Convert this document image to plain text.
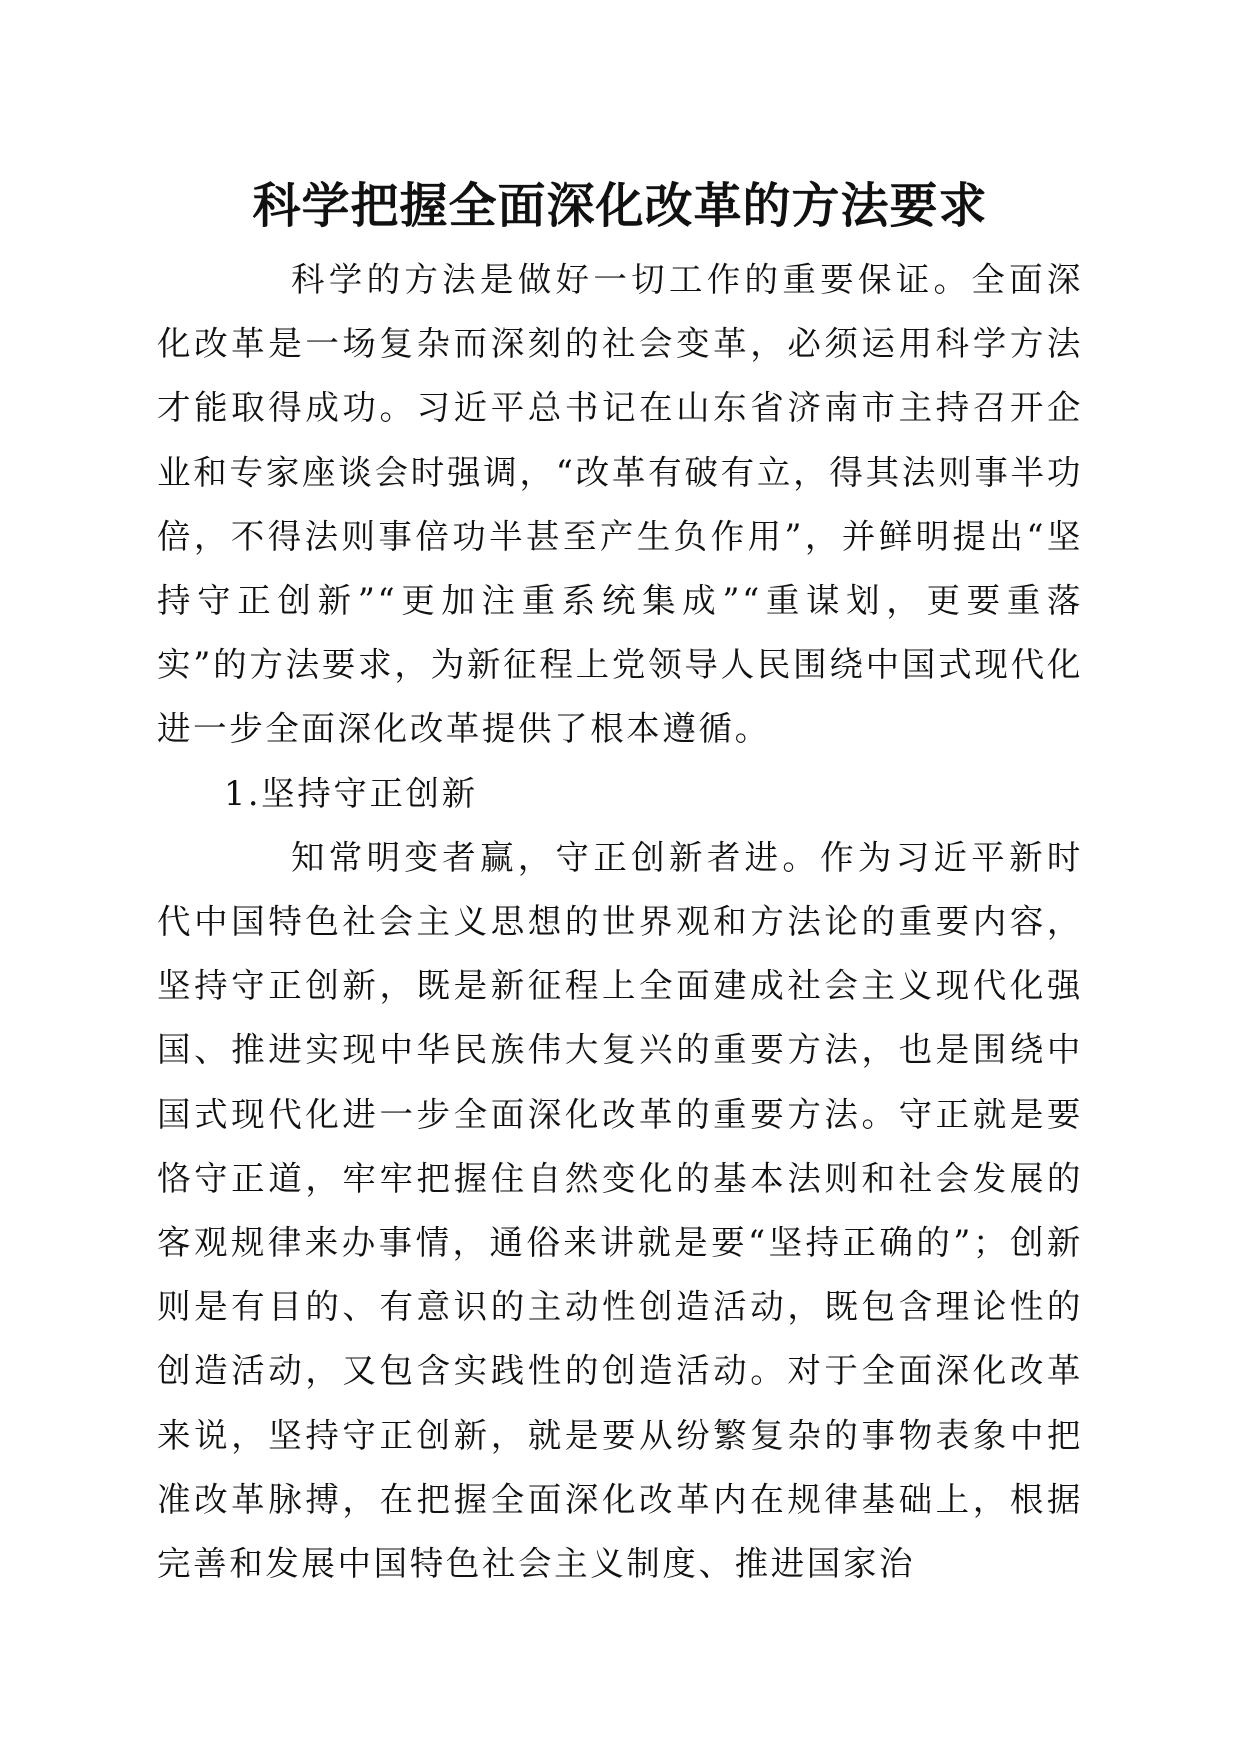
科学把握全面深化改革的方法要求

科学的方法是做好一切工作的重要保证。全面深化改革是一场复杂而深刻的社会变革，必须运用科学方法才能取得成功。习近平总书记在山东省济南市主持召开企业和专家座谈会时强调，“改革有破有立，得其法则事半功倍，不得法则事倍功半甚至产生负作用”，并鲜明提出“坚持守正创新”“更加注重系统集成”“重谋划，更要重落实”的方法要求，为新征程上党领导人民围绕中国式现代化进一步全面深化改革提供了根本遵循。

1.坚持守正创新

知常明变者赢，守正创新者进。作为习近平新时代中国特色社会主义思想的世界观和方法论的重要内容，坚持守正创新，既是新征程上全面建成社会主义现代化强国、推进实现中华民族伟大复兴的重要方法，也是围绕中国式现代化进一步全面深化改革的重要方法。守正就是要恪守正道，牢牢把握住自然变化的基本法则和社会发展的客观规律来办事情，通俗来讲就是要“坚持正确的”；创新则是有目的、有意识的主动性创造活动，既包含理论性的创造活动，又包含实践性的创造活动。对于全面深化改革来说，坚持守正创新，就是要从纷繁复杂的事物表象中把准改革脉搏，在把握全面深化改革内在规律基础上，根据完善和发展中国特色社会主义制度、推进国家治
